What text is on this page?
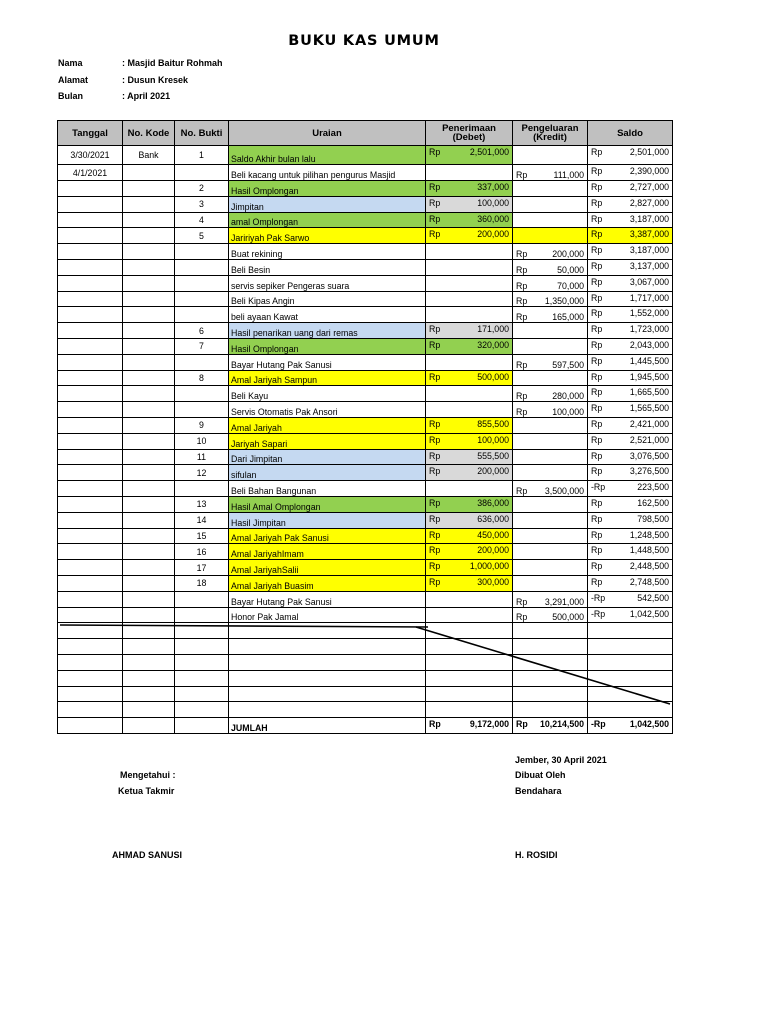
BUKU KAS UMUM
Nama	: Masjid Baitur Rohmah
Alamat	: Dusun Kresek
Bulan	: April 2021
Tanggal	No. Kode	No. Bukti	Uraian	Penerimaan (Debet)	Pengeluaran (Kredit)	Saldo
3/30/2021	Bank	1	Saldo Akhir bulan lalu	Rp 2,501,000		Rp 2,501,000

4/1/2021			Beli kacang untuk pilihan pengurus Masjid		Rp 111,000	Rp 2,390,000

		2	Hasil Omplongan	Rp 337,000		Rp 2,727,000

		3	Jimpitan	Rp 100,000		Rp 2,827,000

		4	amal Omplongan	Rp 360,000		Rp 3,187,000

		5	Jaririyah Pak Sarwo	Rp 200,000		Rp 3,387,000

			Buat rekining		Rp 200,000	Rp 3,187,000

			Beli Besin		Rp 50,000	Rp 3,137,000

			servis sepiker Pengeras suara		Rp 70,000	Rp 3,067,000

			Beli Kipas Angin		Rp 1,350,000	Rp 1,717,000

			beli ayaan Kawat		Rp 165,000	Rp 1,552,000

		6	Hasil penarikan uang dari remas	Rp 171,000		Rp 1,723,000

		7	Hasil Omplongan	Rp 320,000		Rp 2,043,000

			Bayar Hutang Pak Sanusi		Rp 597,500	Rp 1,445,500

		8	Amal Jariyah Sampun	Rp 500,000		Rp 1,945,500

			Beli Kayu		Rp 280,000	Rp 1,665,500

			Servis Otomatis Pak Ansori		Rp 100,000	Rp 1,565,500

		9	Amal Jariyah	Rp 855,500		Rp 2,421,000

		10	Jariyah Sapari	Rp 100,000		Rp 2,521,000

		11	Dari Jimpitan	Rp 555,500		Rp 3,076,500

		12	sifulan	Rp 200,000		Rp 3,276,500

			Beli Bahan Bangunan		Rp 3,500,000	-Rp 223,500

		13	Hasil Amal Omplongan	Rp 386,000		Rp 162,500

		14	Hasil Jimpitan	Rp 636,000		Rp 798,500

		15	Amal Jariyah Pak Sanusi	Rp 450,000		Rp 1,248,500

		16	Amal JariyahImam	Rp 200,000		Rp 1,448,500

		17	Amal JariyahSalii	Rp 1,000,000		Rp 2,448,500

		18	Amal Jariyah Buasim	Rp 300,000		Rp 2,748,500

			Bayar Hutang Pak Sanusi		Rp 3,291,000	-Rp 542,500

			Honor Pak Jamal		Rp 500,000	-Rp 1,042,500

			JUMLAH	Rp 9,172,000	Rp 10,214,500	-Rp 1,042,500
Jember, 30 April 2021
Mengetahui :	Dibuat Oleh
Ketua Takmir	Bendahara
AHMAD SANUSI	H. ROSIDI
